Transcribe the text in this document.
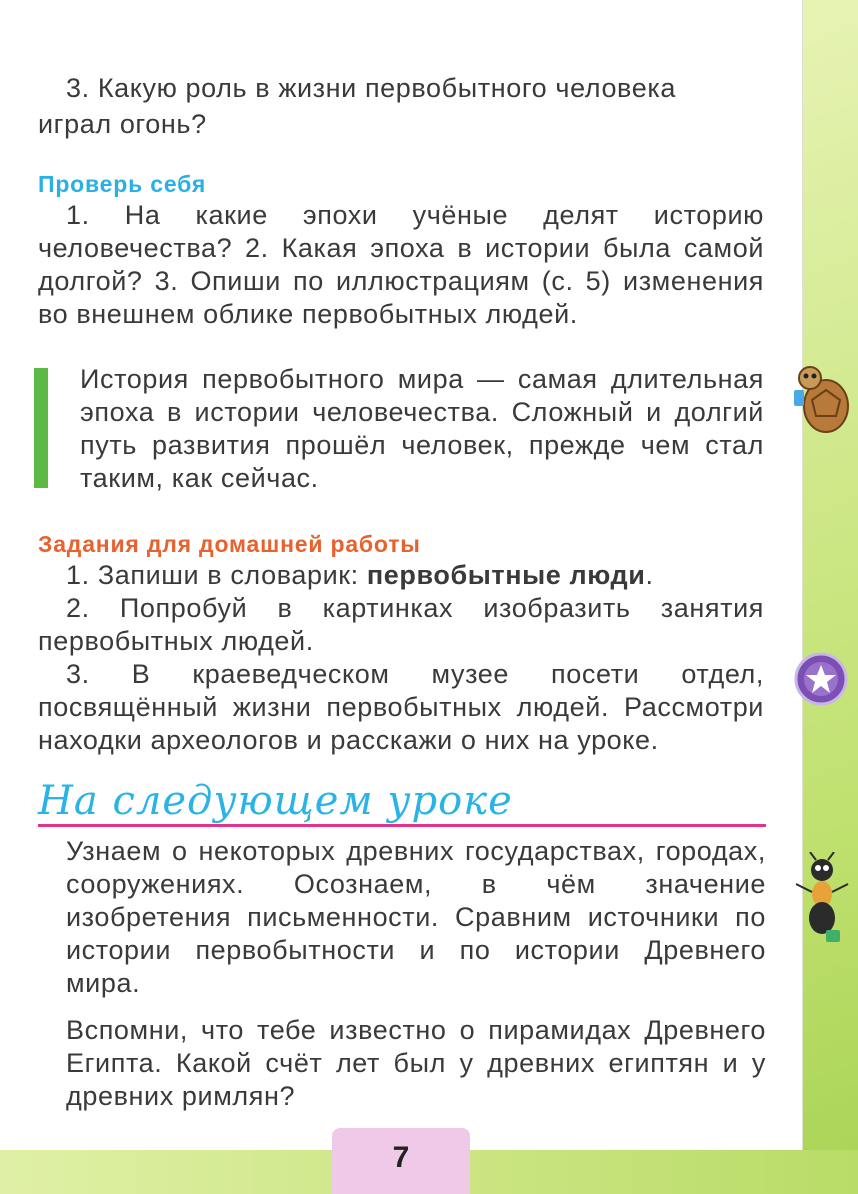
3. Какую роль в жизни первобытного человека

играл огонь?

Проверь себя

1. На какие эпохи учёные делят историю человечества? 2. Какая эпоха в истории была самой долгой? 3. Опиши по иллюстрациям (с. 5) изменения во внешнем облике первобытных людей.

История первобытного мира — самая длительная эпоха в истории человечества. Сложный и долгий путь развития прошёл человек, прежде чем стал таким, как сейчас.

Задания для домашней работы

1. Запиши в словарик: первобытные люди.

2. Попробуй в картинках изобразить занятия первобытных людей.

3. В краеведческом музее посети отдел, посвящённый жизни первобытных людей. Рассмотри находки археологов и расскажи о них на уроке.

На следующем уроке

Узнаем о некоторых древних государствах, городах, сооружениях. Осознаем, в чём значение изобретения письменности. Сравним источники по истории первобытности и по истории Древнего мира.

Вспомни, что тебе известно о пирамидах Древнего Египта. Какой счёт лет был у древних египтян и у древних римлян?

7
